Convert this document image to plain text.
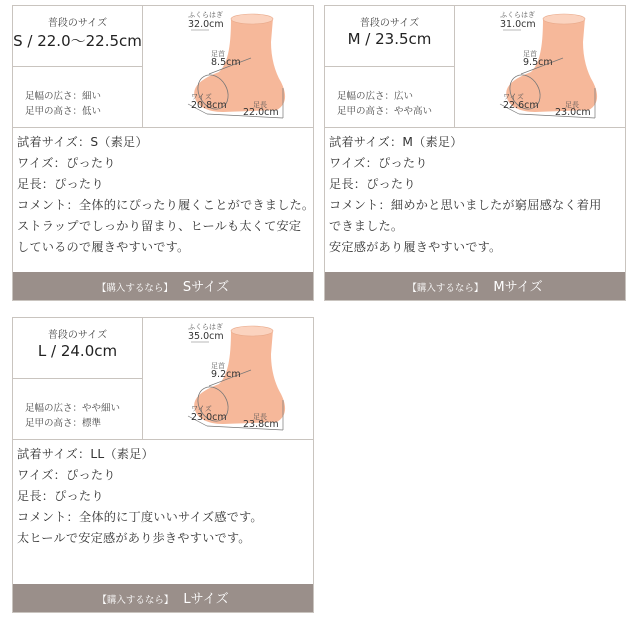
普段のサイズ
S / 22.0〜22.5cm
足幅の広さ：細い
足甲の高さ：低い
ふくらはぎ
32.0cm
足首
8.5cm
ワイズ
20.8cm	足長
22.0cm
試着サイズ：S（素足）
ワイズ：ぴったり
足長：ぴったり
コメント：全体的にぴったり履くことができました。
ストラップでしっかり留まり、ヒールも太くて安定
しているので履きやすいです。
【購入するなら】 Sサイズ
普段のサイズ
M / 23.5cm
足幅の広さ：広い
足甲の高さ：やや高い
ふくらはぎ
31.0cm
足首
9.5cm
ワイズ
22.6cm	足長
23.0cm
試着サイズ：M（素足）
ワイズ：ぴったり
足長：ぴったり
コメント：細めかと思いましたが窮屈感なく着用
できました。
安定感があり履きやすいです。
【購入するなら】 Mサイズ
普段のサイズ
L / 24.0cm
足幅の広さ：やや細い
足甲の高さ：標準
ふくらはぎ
35.0cm
足首
9.2cm
ワイズ
23.0cm	足長
23.8cm
試着サイズ：LL（素足）
ワイズ：ぴったり
足長：ぴったり
コメント：全体的に丁度いいサイズ感です。
太ヒールで安定感があり歩きやすいです。
【購入するなら】 Lサイズ
